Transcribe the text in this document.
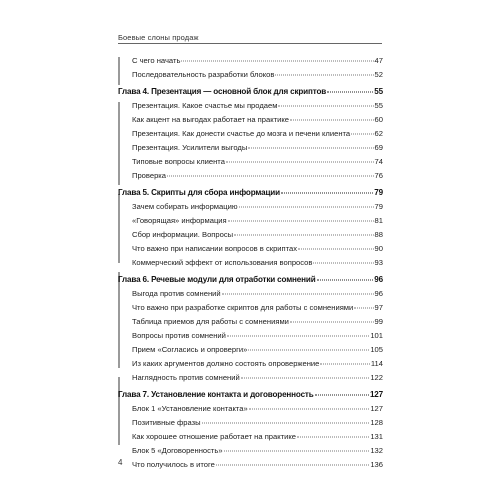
Боевые слоны продаж
С чего начать	47
Последовательность разработки блоков	52
Глава 4. Презентация — основной блок для скриптов	55
Презентация. Какое счастье мы продаем	55
Как акцент на выгодах работает на практике	60
Презентация. Как донести счастье до мозга и печени клиента	62
Презентация. Усилители выгоды	69
Типовые вопросы клиента	74
Проверка	76
Глава 5. Скрипты для сбора информации	79
Зачем собирать информацию	79
«Говорящая» информация	81
Сбор информации. Вопросы	88
Что важно при написании вопросов в скриптах	90
Коммерческий эффект от использования вопросов	93
Глава 6. Речевые модули для отработки сомнений	96
Выгода против сомнений	96
Что важно при разработке скриптов для работы с сомнениями	97
Таблица приемов для работы с сомнениями	99
Вопросы против сомнений	101
Прием «Согласись и опроверги»	105
Из каких аргументов должно состоять опровержение	114
Наглядность против сомнений	122
Глава 7. Установление контакта и договоренность	127
Блок 1 «Установление контакта»	127
Позитивные фразы	128
Как хорошее отношение работает на практике	131
Блок 5 «Договоренность»	132
Что получилось в итоге	136
4
